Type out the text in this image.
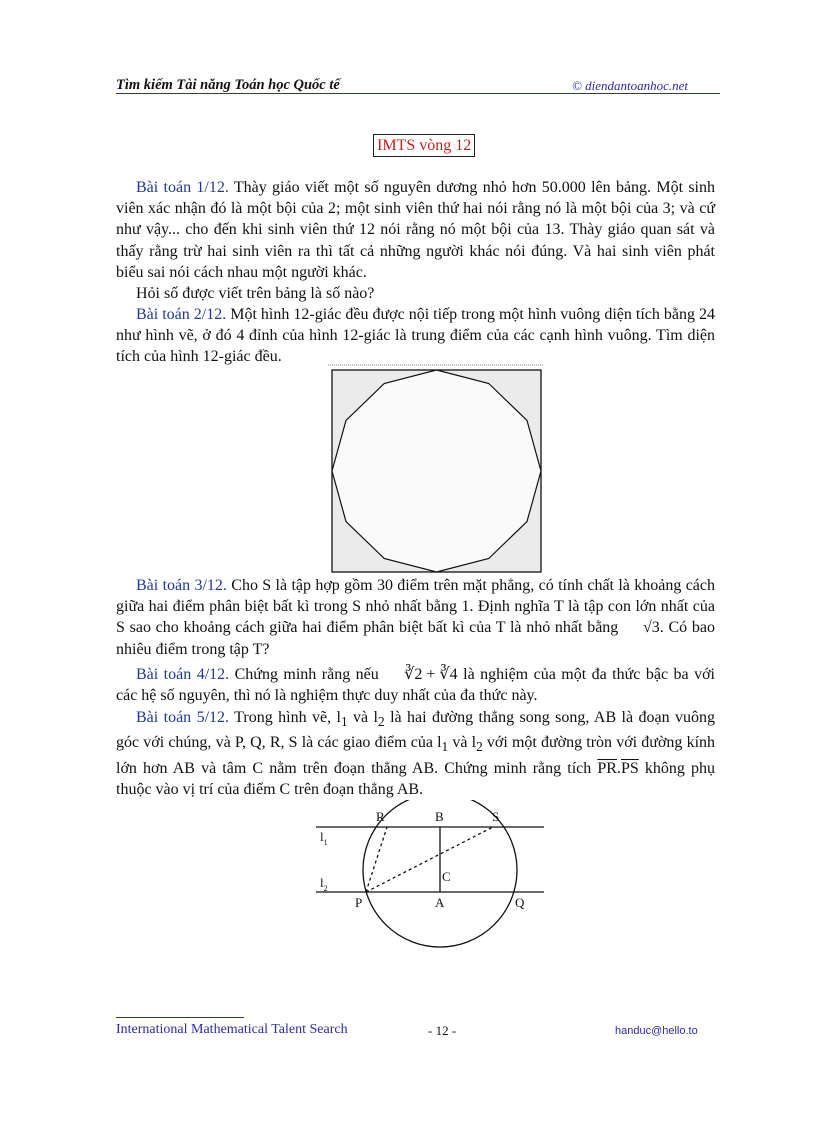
Tìm kiếm Tài năng Toán học Quốc tế	© diendantoanhoc.net
IMTS vòng 12

Bài toán 1/12. Thày giáo viết một số nguyên dương nhỏ hơn 50.000 lên bảng. Một sinh viên xác nhận đó là một bội của 2; một sinh viên thứ hai nói rằng nó là một bội của 3; và cứ như vậy... cho đến khi sinh viên thứ 12 nói rằng nó một bội của 13. Thày giáo quan sát và thấy rằng trừ hai sinh viên ra thì tất cả những người khác nói đúng. Và hai sinh viên phát biểu sai nói cách nhau một người khác.

Hỏi số được viết trên bảng là số nào?

Bài toán 2/12. Một hình 12-giác đều được nội tiếp trong một hình vuông diện tích bằng 24 như hình vẽ, ở đó 4 đỉnh của hình 12-giác là trung điểm của các cạnh hình vuông. Tìm diện tích của hình 12-giác đều.

Bài toán 3/12. Cho S là tập hợp gồm 30 điểm trên mặt phẳng, có tính chất là khoảng cách giữa hai điểm phân biệt bất kì trong S nhỏ nhất bằng 1. Định nghĩa T là tập con lớn nhất của S sao cho khoảng cách giữa hai điểm phân biệt bất kì của T là nhỏ nhất bằng √3. Có bao nhiêu điểm trong tập T?

Bài toán 4/12. Chứng minh rằng nếu ∛2 + ∛4 là nghiệm của một đa thức bậc ba với các hệ số nguyên, thì nó là nghiệm thực duy nhất của đa thức này.

Bài toán 5/12. Trong hình vẽ, $l_1$ và $l_2$ là hai đường thẳng song song, AB là đoạn vuông góc với chúng, và P, Q, R, S là các giao điểm của $l_1$ và $l_2$ với một đường tròn với đường kính lớn hơn AB và tâm C nằm trên đoạn thẳng AB. Chứng minh rằng tích $\overline{PR}.\overline{PS}$ không phụ thuộc vào vị trí của điểm C trên đoạn thẳng AB.

R	B	S
$l_1$
$l_2$
C
P	A	Q
International Mathematical Talent Search	- 12 -	handuc@hello.to
